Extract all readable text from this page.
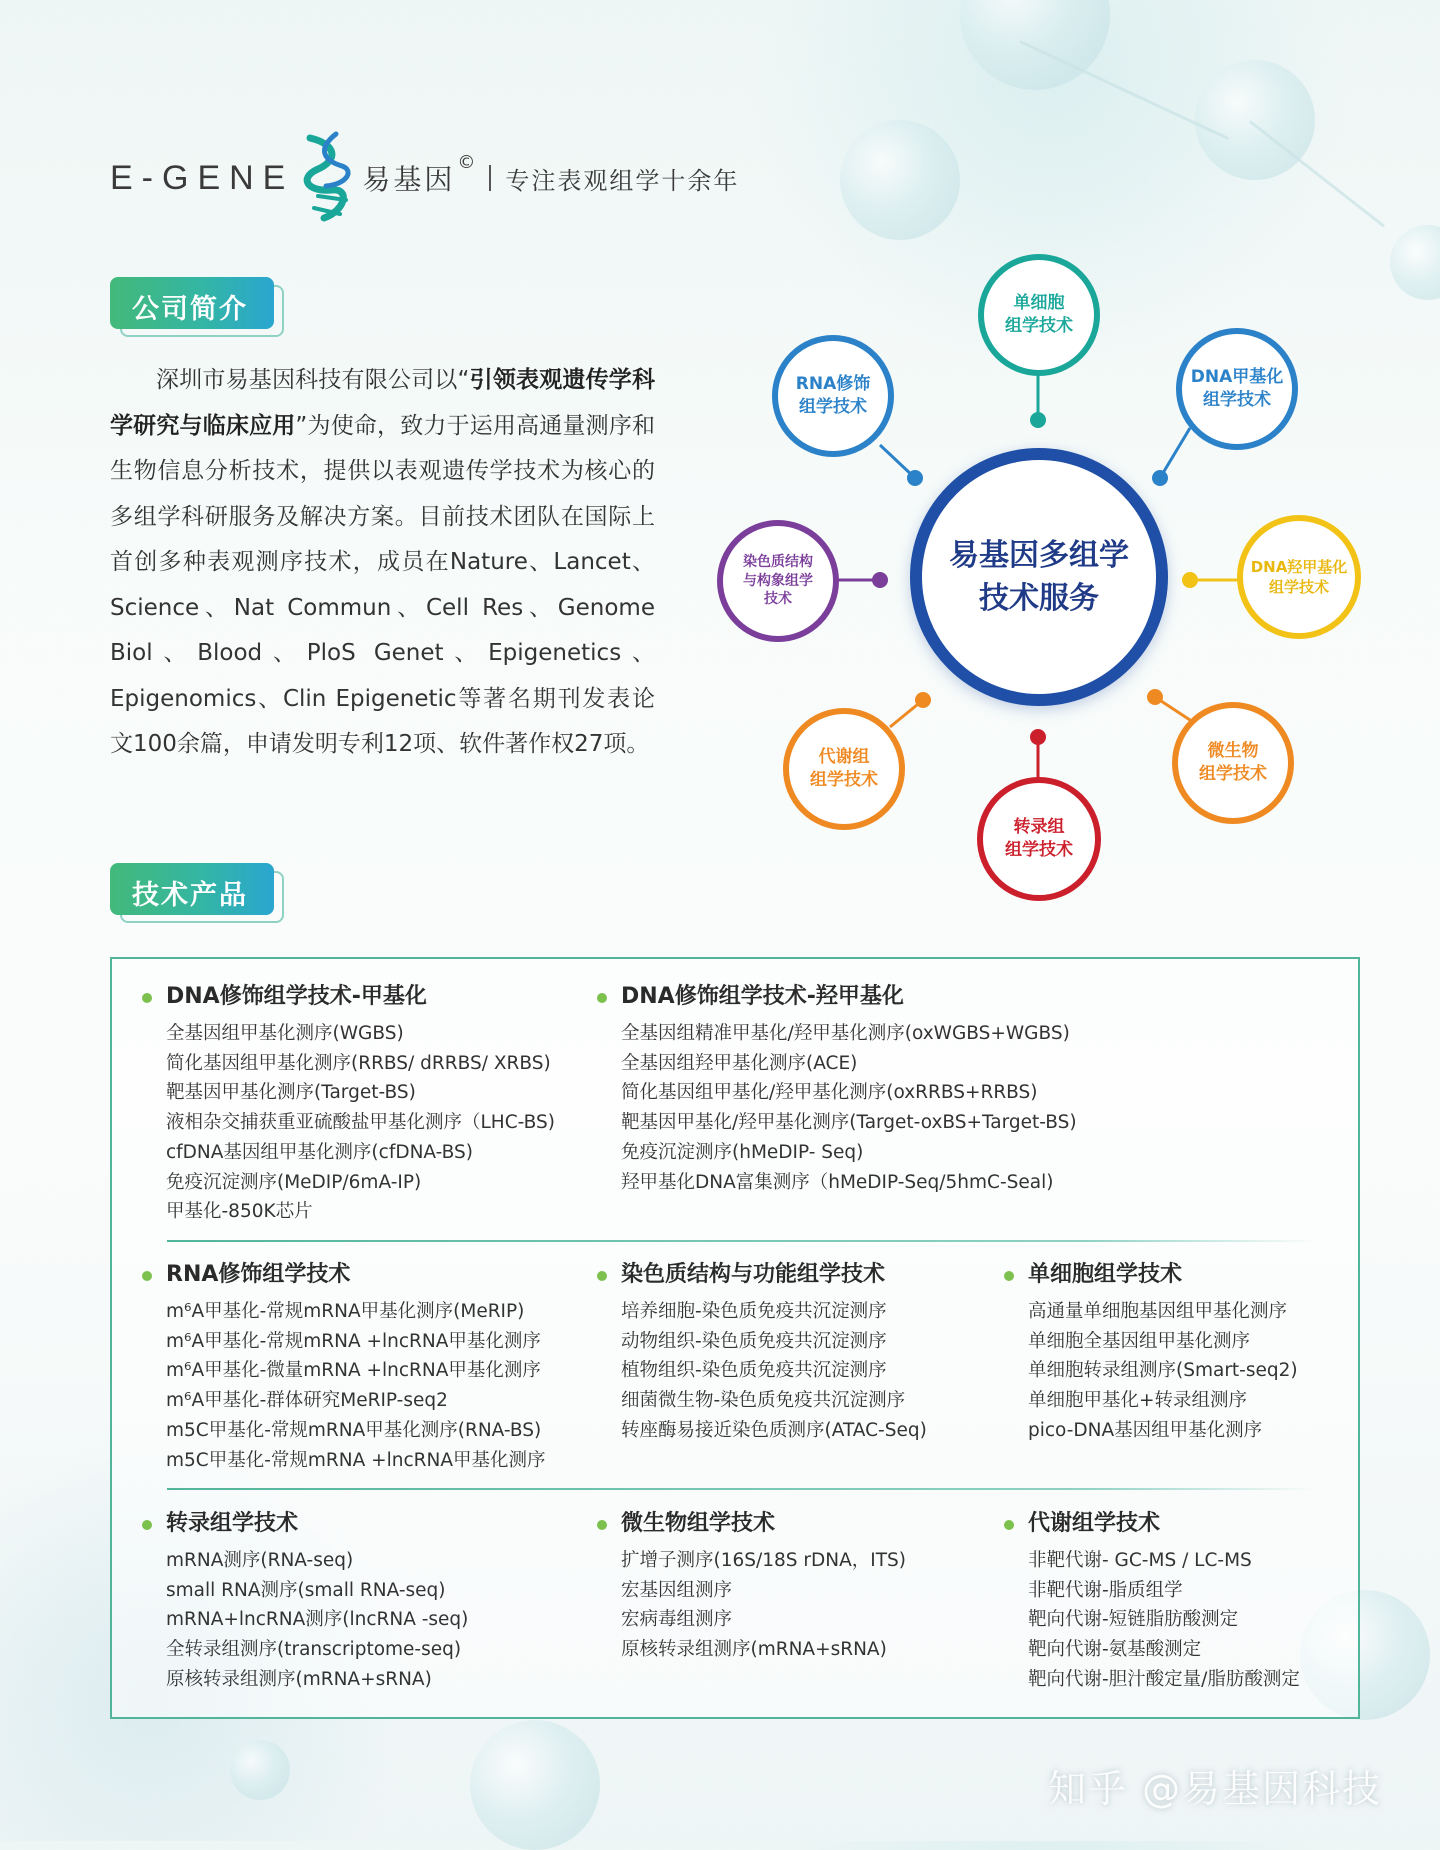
E-GENE 易基因
©
专注表观组学十余年
公司简介

深圳市易基因科技有限公司以“引领表观遗传学科学研究与临床应用”为使命，致力于运用高通量测序和生物信息分析技术，提供以表观遗传学技术为核心的多组学科研服务及解决方案。目前技术团队在国际上首创多种表观测序技术，成员在Nature、Lancet、Science、Nat Commun、Cell Res、Genome Biol、Blood、PloS Genet、Epigenetics、Epigenomics、Clin Epigenetic等著名期刊发表论文100余篇，申请发明专利12项、软件著作权27项。

易基因多组学
技术服务
单细胞
组学技术
DNA甲基化
组学技术
DNA羟甲基化
组学技术
微生物
组学技术
转录组
组学技术
代谢组
组学技术
染色质结构
与构象组学
技术
RNA修饰
组学技术
技术产品
DNA修饰组学技术-甲基化
全基因组甲基化测序(WGBS)
简化基因组甲基化测序(RRBS/ dRRBS/ XRBS)
靶基因甲基化测序(Target-BS)
液相杂交捕获重亚硫酸盐甲基化测序（LHC-BS)
cfDNA基因组甲基化测序(cfDNA-BS)
免疫沉淀测序(MeDIP/6mA-IP)
甲基化-850K芯片
DNA修饰组学技术-羟甲基化
全基因组精准甲基化/羟甲基化测序(oxWGBS+WGBS)
全基因组羟甲基化测序(ACE)
简化基因组甲基化/羟甲基化测序(oxRRBS+RRBS)
靶基因甲基化/羟甲基化测序(Target-oxBS+Target-BS)
免疫沉淀测序(hMeDIP- Seq)
羟甲基化DNA富集测序（hMeDIP-Seq/5hmC-Seal)
RNA修饰组学技术
m⁶A甲基化-常规mRNA甲基化测序(MeRIP)
m⁶A甲基化-常规mRNA +lncRNA甲基化测序
m⁶A甲基化-微量mRNA +lncRNA甲基化测序
m⁶A甲基化-群体研究MeRIP-seq2
m5C甲基化-常规mRNA甲基化测序(RNA-BS)
m5C甲基化-常规mRNA +lncRNA甲基化测序
染色质结构与功能组学技术
培养细胞-染色质免疫共沉淀测序
动物组织-染色质免疫共沉淀测序
植物组织-染色质免疫共沉淀测序
细菌微生物-染色质免疫共沉淀测序
转座酶易接近染色质测序(ATAC-Seq)
单细胞组学技术
高通量单细胞基因组甲基化测序
单细胞全基因组甲基化测序
单细胞转录组测序(Smart-seq2)
单细胞甲基化+转录组测序
pico-DNA基因组甲基化测序
转录组学技术
mRNA测序(RNA-seq)
small RNA测序(small RNA-seq)
mRNA+lncRNA测序(lncRNA -seq)
全转录组测序(transcriptome-seq)
原核转录组测序(mRNA+sRNA)
微生物组学技术
扩增子测序(16S/18S rDNA，ITS)
宏基因组测序
宏病毒组测序
原核转录组测序(mRNA+sRNA)
代谢组学技术
非靶代谢- GC-MS / LC-MS
非靶代谢-脂质组学
靶向代谢-短链脂肪酸测定
靶向代谢-氨基酸测定
靶向代谢-胆汁酸定量/脂肪酸测定
知乎 @易基因科技
